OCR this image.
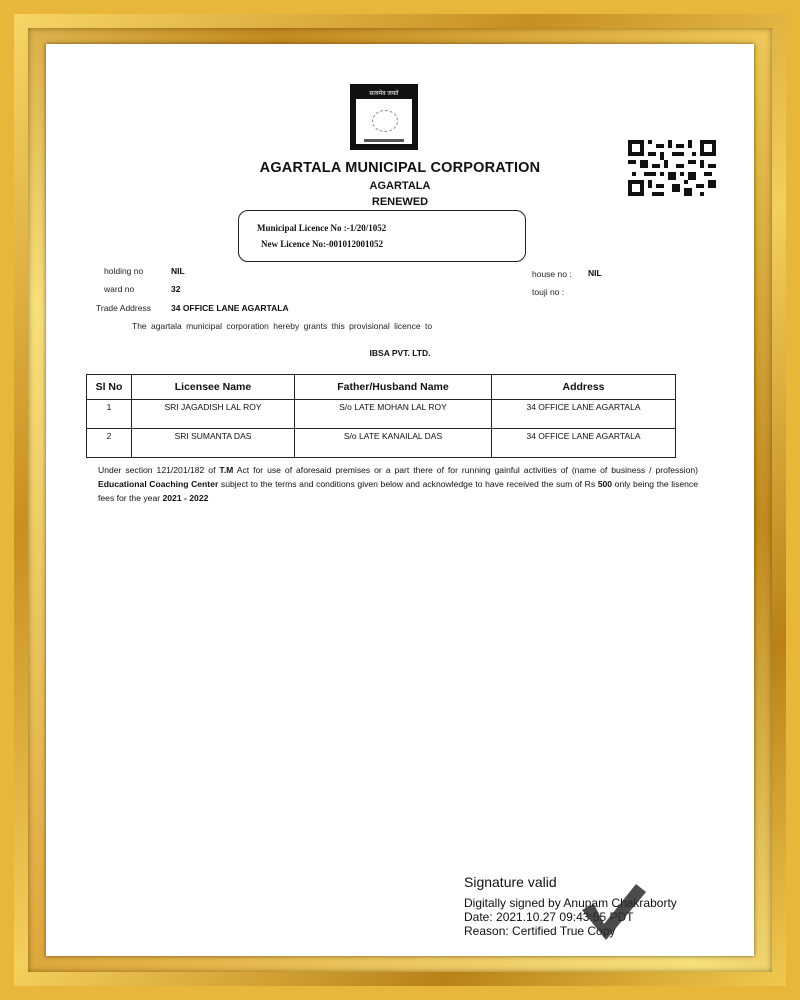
सत्यमेव जयते
AGARTALA MUNICIPAL CORPORATION
AGARTALA
RENEWED
Municipal Licence No :-1/20/1052
New Licence No:-001012001052
holding no	NIL
ward no	32
house no : NIL
touji no :
Trade Address 34 OFFICE LANE AGARTALA
The agartala municipal corporation hereby grants this provisional licence to
IBSA PVT. LTD.
Sl No	Licensee Name	Father/Husband Name	Address
1	SRI JAGADISH LAL ROY	S/o LATE MOHAN LAL ROY	34 OFFICE LANE AGARTALA
2	SRI SUMANTA DAS	S/o LATE KANAILAL DAS	34 OFFICE LANE AGARTALA
Under section 121/201/182 of T.M Act for use of aforesaid premises or a part there of for running gainful activities of (name of business / profession) Educational Coaching Center subject to the terms and conditions given below and acknowledge to have received the sum of Rs 500 only being the lisence fees for the year 2021 - 2022
Signature valid
Digitally signed by Anupam Chakraborty
Date: 2021.10.27 09:43:55 PDT
Reason: Certified True Copy
